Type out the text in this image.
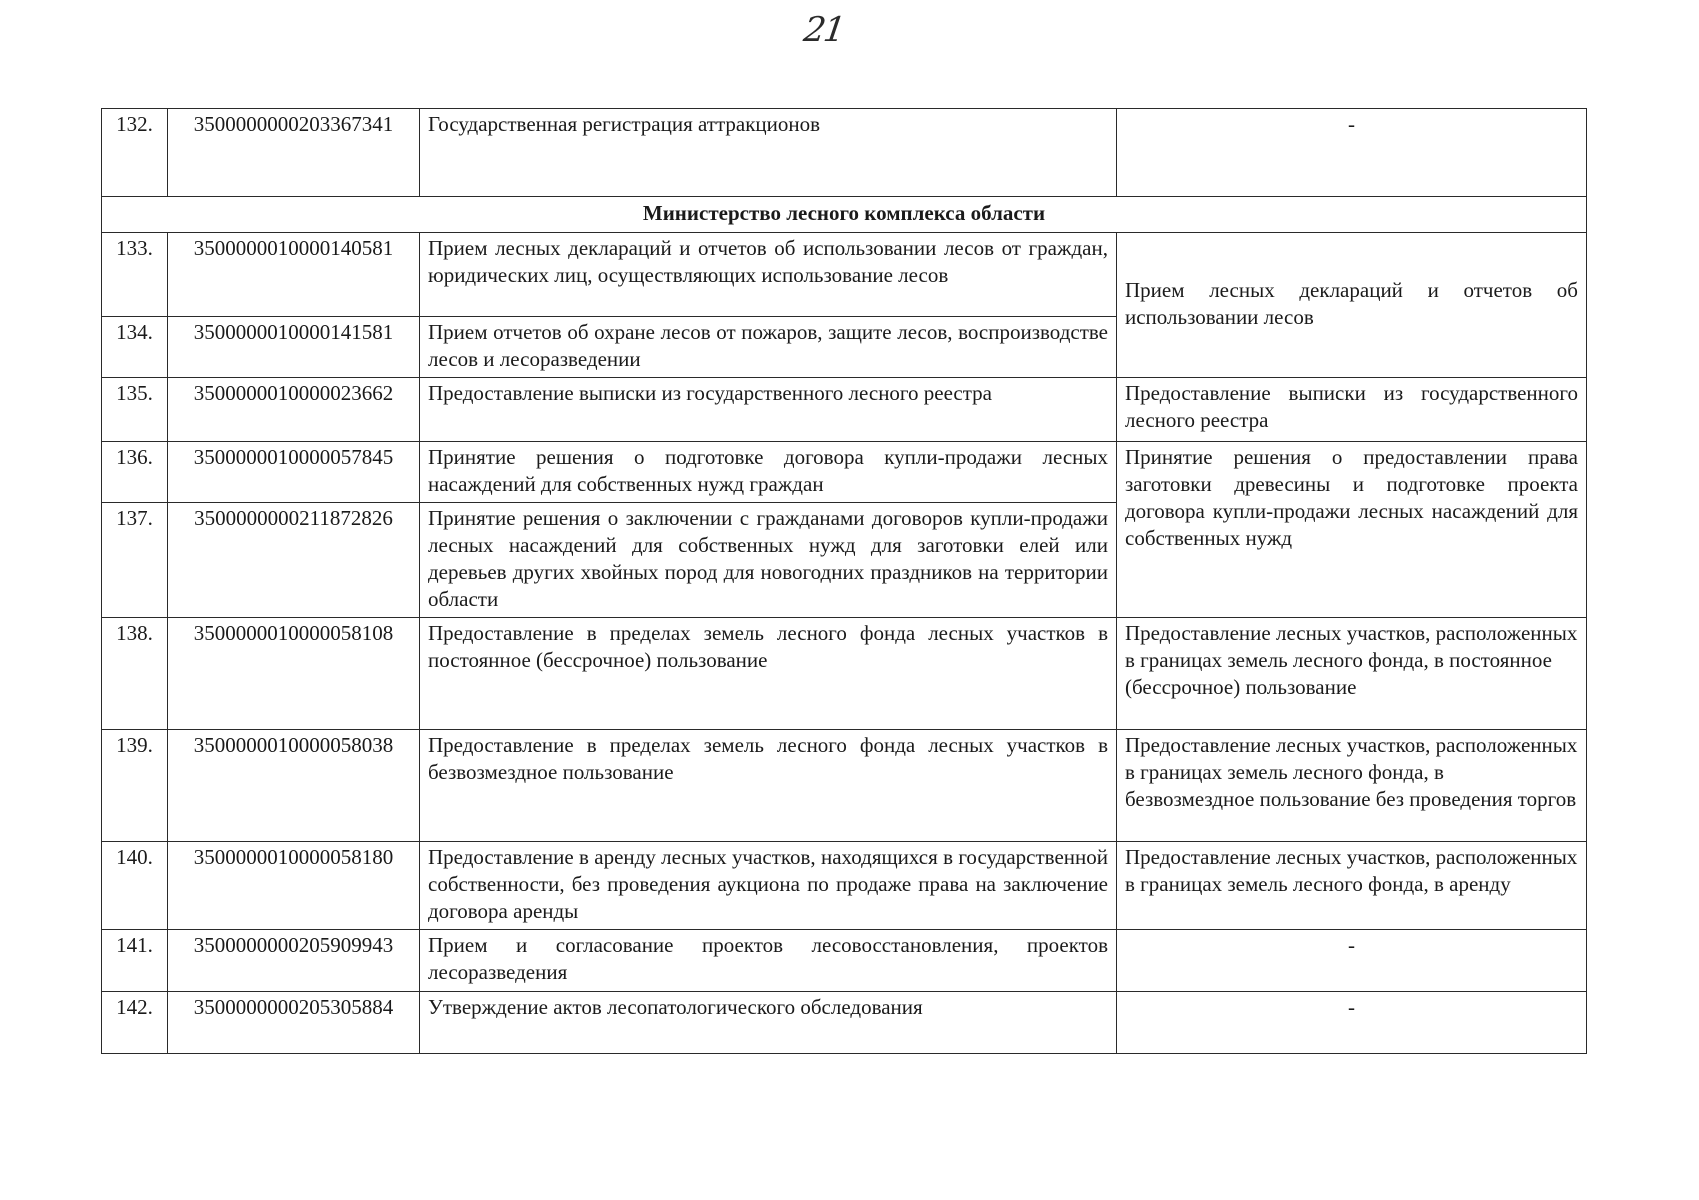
21
132.	3500000000203367341	Государственная регистрация аттракционов	-
Министерство лесного комплекса области			
133.	3500000010000140581	Прием лесных деклараций и отчетов об использовании лесов от граждан, юридических лиц, осуществляющих использование лесов	Прием лесных деклараций и отчетов об использовании лесов
134.	3500000010000141581	Прием отчетов об охране лесов от пожаров, защите лесов, воспроизводстве лесов и лесоразведении	
135.	3500000010000023662	Предоставление выписки из государственного лесного реестра	Предоставление выписки из государственного лесного реестра
136.	3500000010000057845	Принятие решения о подготовке договора купли-продажи лесных насаждений для собственных нужд граждан	Принятие решения о предоставлении права заготовки древесины и подготовке проекта договора купли-продажи лесных насаждений для собственных нужд
137.	3500000000211872826	Принятие решения о заключении с гражданами договоров купли-продажи лесных насаждений для собственных нужд для заготовки елей или деревьев других хвойных пород для новогодних праздников на территории области	
138.	3500000010000058108	Предоставление в пределах земель лесного фонда лесных участков в постоянное (бессрочное) пользование	Предоставление лесных участков, расположенных в границах земель лесного фонда, в постоянное (бессрочное) пользование
139.	3500000010000058038	Предоставление в пределах земель лесного фонда лесных участков в безвозмездное пользование	Предоставление лесных участков, расположенных в границах земель лесного фонда, в безвозмездное пользование без проведения торгов
140.	3500000010000058180	Предоставление в аренду лесных участков, находящихся в государственной собственности, без проведения аукциона по продаже права на заключение договора аренды	Предоставление лесных участков, расположенных в границах земель лесного фонда, в аренду
141.	3500000000205909943	Прием и согласование проектов лесовосстановления, проектов лесоразведения	-
142.	3500000000205305884	Утверждение актов лесопатологического обследования	-
